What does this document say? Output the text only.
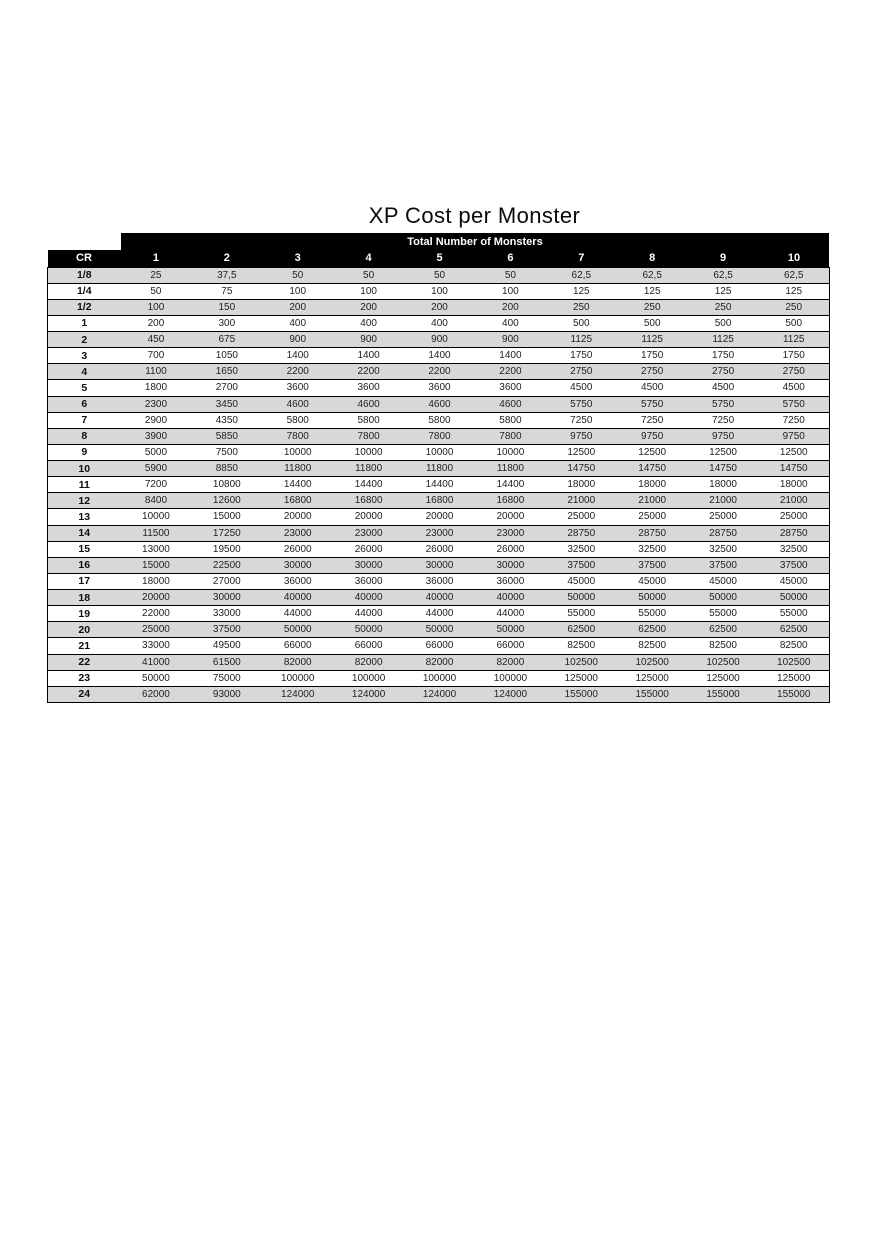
XP Cost per Monster
	Total Number of Monsters									
CR	1	2	3	4	5	6	7	8	9	10
1/8	25	37,5	50	50	50	50	62,5	62,5	62,5	62,5
1/4	50	75	100	100	100	100	125	125	125	125
1/2	100	150	200	200	200	200	250	250	250	250
1	200	300	400	400	400	400	500	500	500	500
2	450	675	900	900	900	900	1125	1125	1125	1125
3	700	1050	1400	1400	1400	1400	1750	1750	1750	1750
4	1100	1650	2200	2200	2200	2200	2750	2750	2750	2750
5	1800	2700	3600	3600	3600	3600	4500	4500	4500	4500
6	2300	3450	4600	4600	4600	4600	5750	5750	5750	5750
7	2900	4350	5800	5800	5800	5800	7250	7250	7250	7250
8	3900	5850	7800	7800	7800	7800	9750	9750	9750	9750
9	5000	7500	10000	10000	10000	10000	12500	12500	12500	12500
10	5900	8850	11800	11800	11800	11800	14750	14750	14750	14750
11	7200	10800	14400	14400	14400	14400	18000	18000	18000	18000
12	8400	12600	16800	16800	16800	16800	21000	21000	21000	21000
13	10000	15000	20000	20000	20000	20000	25000	25000	25000	25000
14	11500	17250	23000	23000	23000	23000	28750	28750	28750	28750
15	13000	19500	26000	26000	26000	26000	32500	32500	32500	32500
16	15000	22500	30000	30000	30000	30000	37500	37500	37500	37500
17	18000	27000	36000	36000	36000	36000	45000	45000	45000	45000
18	20000	30000	40000	40000	40000	40000	50000	50000	50000	50000
19	22000	33000	44000	44000	44000	44000	55000	55000	55000	55000
20	25000	37500	50000	50000	50000	50000	62500	62500	62500	62500
21	33000	49500	66000	66000	66000	66000	82500	82500	82500	82500
22	41000	61500	82000	82000	82000	82000	102500	102500	102500	102500
23	50000	75000	100000	100000	100000	100000	125000	125000	125000	125000
24	62000	93000	124000	124000	124000	124000	155000	155000	155000	155000
